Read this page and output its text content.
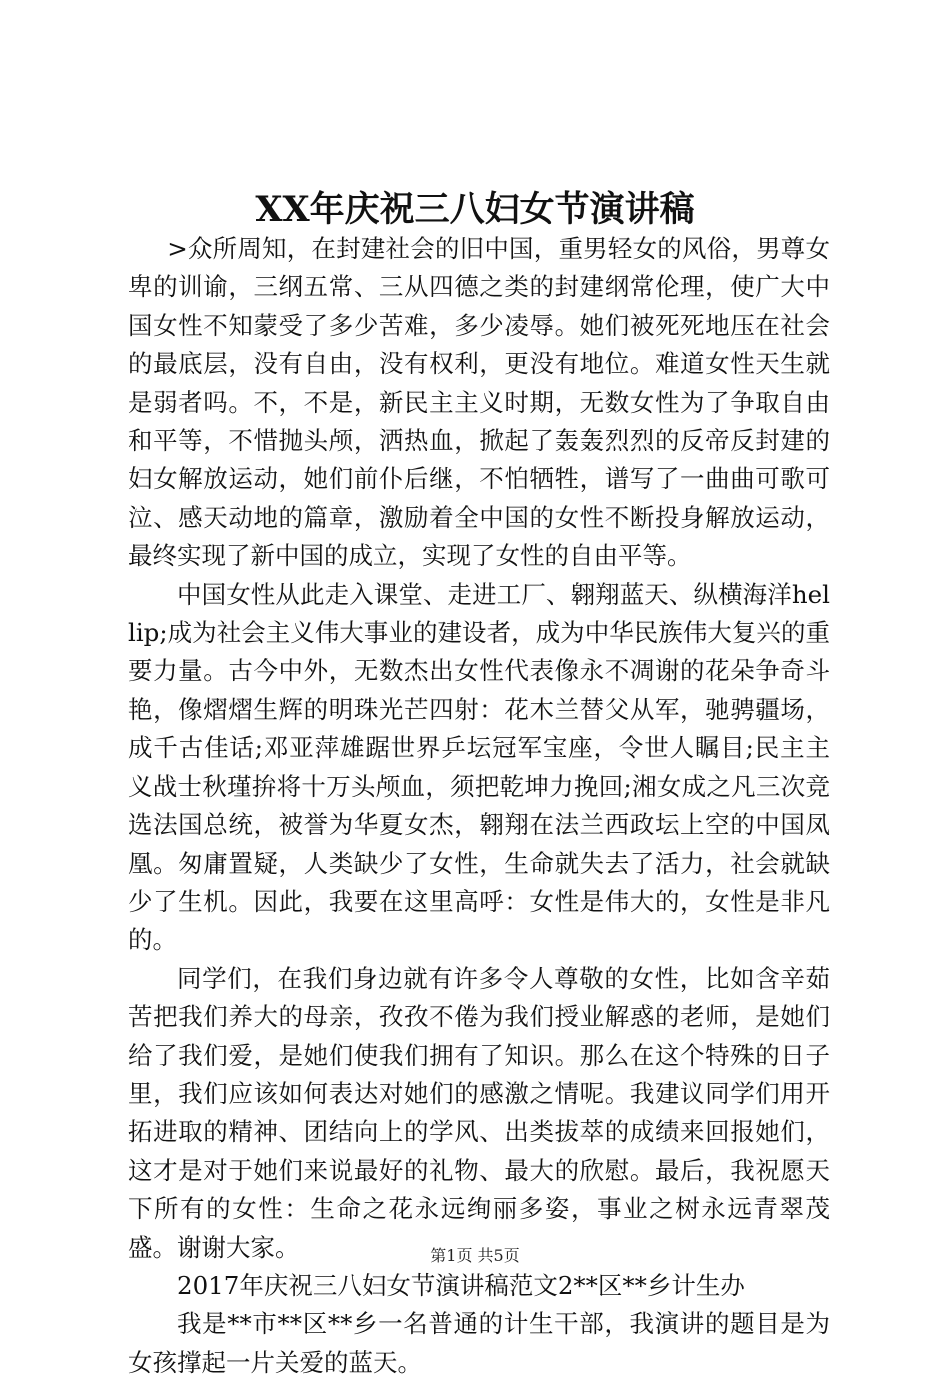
XX年庆祝三八妇女节演讲稿

>众所周知，在封建社会的旧中国，重男轻女的风俗，男尊女卑的训谕，三纲五常、三从四德之类的封建纲常伦理，使广大中国女性不知蒙受了多少苦难，多少凌辱。她们被死死地压在社会的最底层，没有自由，没有权利，更没有地位。难道女性天生就是弱者吗。不，不是，新民主主义时期，无数女性为了争取自由和平等，不惜抛头颅，洒热血，掀起了轰轰烈烈的反帝反封建的妇女解放运动，她们前仆后继，不怕牺牲，谱写了一曲曲可歌可泣、感天动地的篇章，激励着全中国的女性不断投身解放运动，最终实现了新中国的成立，实现了女性的自由平等。

中国女性从此走入课堂、走进工厂、翱翔蓝天、纵横海洋hellip;成为社会主义伟大事业的建设者，成为中华民族伟大复兴的重要力量。古今中外，无数杰出女性代表像永不凋谢的花朵争奇斗艳，像熠熠生辉的明珠光芒四射：花木兰替父从军，驰骋疆场，成千古佳话;邓亚萍雄踞世界乒坛冠军宝座，令世人瞩目;民主主义战士秋瑾拚将十万头颅血，须把乾坤力挽回;湘女成之凡三次竞选法国总统，被誉为华夏女杰，翱翔在法兰西政坛上空的中国凤凰。匆庸置疑，人类缺少了女性，生命就失去了活力，社会就缺少了生机。因此，我要在这里高呼：女性是伟大的，女性是非凡的。

同学们，在我们身边就有许多令人尊敬的女性，比如含辛茹苦把我们养大的母亲，孜孜不倦为我们授业解惑的老师，是她们给了我们爱，是她们使我们拥有了知识。那么在这个特殊的日子里，我们应该如何表达对她们的感激之情呢。我建议同学们用开拓进取的精神、团结向上的学风、出类拔萃的成绩来回报她们，这才是对于她们来说最好的礼物、最大的欣慰。最后，我祝愿天下所有的女性：生命之花永远绚丽多姿，事业之树永远青翠茂盛。谢谢大家。

2017年庆祝三八妇女节演讲稿范文2**区**乡计生办

我是**市**区**乡一名普通的计生干部，我演讲的题目是为女孩撑起一片关爱的蓝天。

第1页 共5页
